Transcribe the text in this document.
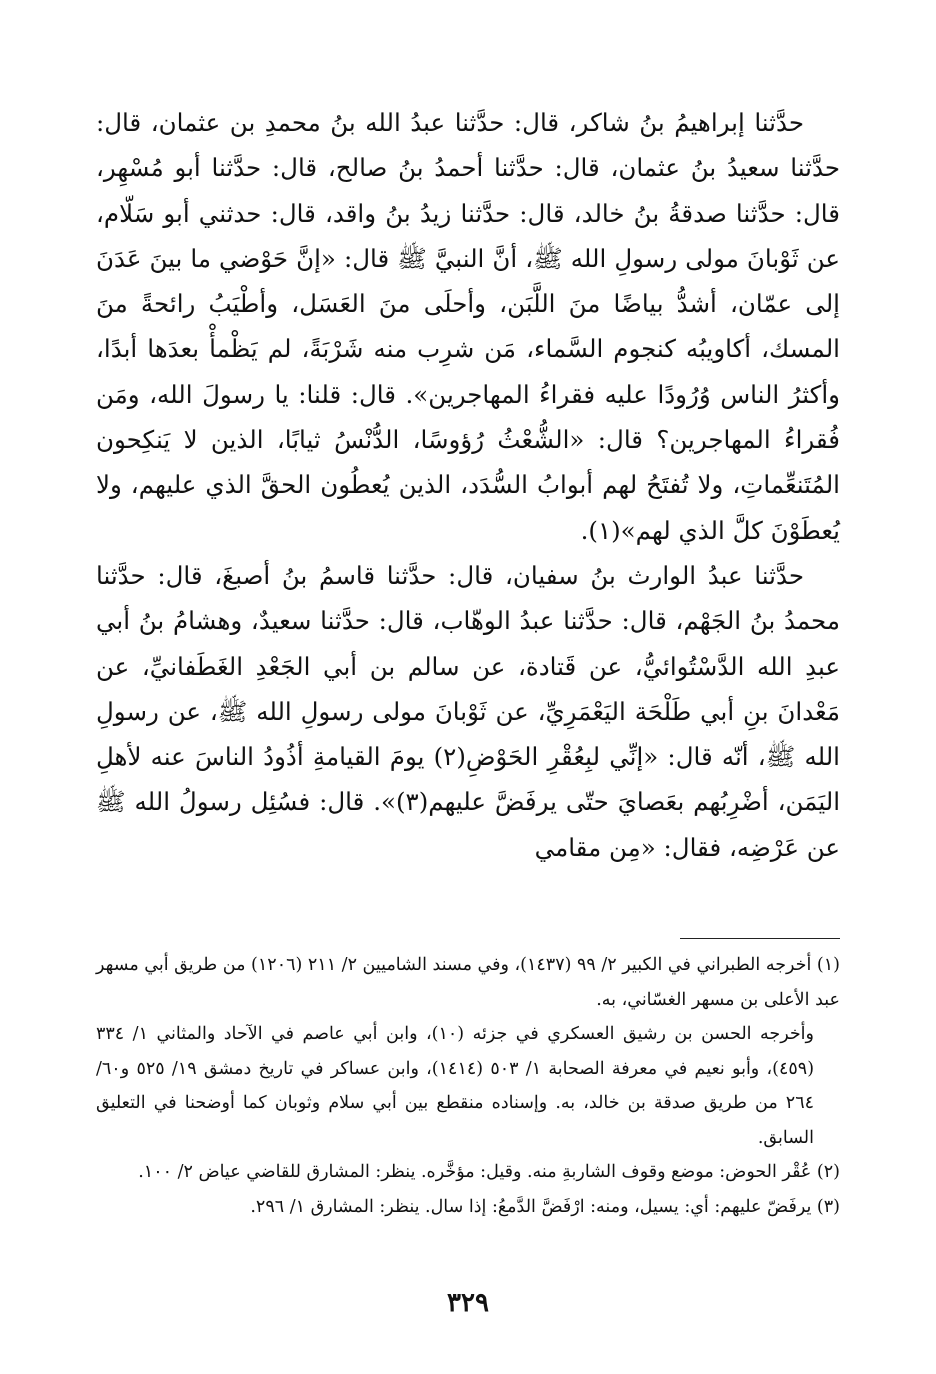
حدَّثنا إبراهيمُ بنُ شاكر، قال: حدَّثنا عبدُ الله بنُ محمدِ بن عثمان، قال: حدَّثنا سعيدُ بنُ عثمان، قال: حدَّثنا أحمدُ بنُ صالح، قال: حدَّثنا أبو مُسْهِر، قال: حدَّثنا صدقةُ بنُ خالد، قال: حدَّثنا زيدُ بنُ واقد، قال: حدثني أبو سَلّام، عن ثَوْبانَ مولى رسولِ الله ﷺ، أنَّ النبيَّ ﷺ قال: «إنَّ حَوْضي ما بينَ عَدَنَ إلى عمّان، أشدُّ بياضًا منَ اللَّبَن، وأحلَى منَ العَسَل، وأطْيَبُ رائحةً منَ المسك، أكاويبُه كنجوم السَّماء، مَن شرِب منه شَرْبَةً، لم يَظْمأْ بعدَها أبدًا، وأكثرُ الناس وُرُودًا عليه فقراءُ المهاجرين». قال: قلنا: يا رسولَ الله، ومَن فُقراءُ المهاجرين؟ قال: «الشُّعْثُ رُؤوسًا، الدُّنْسُ ثيابًا، الذين لا يَنكِحون المُتَنعِّماتِ، ولا تُفتَحُ لهم أبوابُ السُّدَد، الذين يُعطُون الحقَّ الذي عليهم، ولا يُعطَوْنَ كلَّ الذي لهم»(١).

حدَّثنا عبدُ الوارث بنُ سفيان، قال: حدَّثنا قاسمُ بنُ أصبغَ، قال: حدَّثنا محمدُ بنُ الجَهْم، قال: حدَّثنا عبدُ الوهّاب، قال: حدَّثنا سعيدٌ، وهشامُ بنُ أبي عبدِ الله الدَّسْتُوائيُّ، عن قَتادة، عن سالم بن أبي الجَعْدِ الغَطَفانيِّ، عن مَعْدانَ بنِ أبي طَلْحَة اليَعْمَرِيِّ، عن ثَوْبانَ مولى رسولِ الله ﷺ، عن رسولِ الله ﷺ، أنّه قال: «إنِّي لبِعُقْرِ الحَوْضِ(٢) يومَ القيامةِ أذُودُ الناسَ عنه لأهلِ اليَمَن، أضْرِبُهم بعَصايَ حتّى يرفَضَّ عليهم(٣)». قال: فسُئِل رسولُ الله ﷺ عن عَرْضِه، فقال: «مِن مقامي

(١) أخرجه الطبراني في الكبير ٢/ ٩٩ (١٤٣٧)، وفي مسند الشاميين ٢/ ٢١١ (١٢٠٦) من طريق أبي مسهر عبد الأعلى بن مسهر الغسّاني، به.

وأخرجه الحسن بن رشيق العسكري في جزئه (١٠)، وابن أبي عاصم في الآحاد والمثاني ١/ ٣٣٤ (٤٥٩)، وأبو نعيم في معرفة الصحابة ١/ ٥٠٣ (١٤١٤)، وابن عساكر في تاريخ دمشق ١٩/ ٥٢٥ و٦٠/ ٢٦٤ من طريق صدقة بن خالد، به. وإسناده منقطع بين أبي سلام وثوبان كما أوضحنا في التعليق السابق.

(٢) عُقْر الحوض: موضع وقوف الشاربةِ منه. وقيل: مؤخَّره. ينظر: المشارق للقاضي عياض ٢/ ١٠٠.

(٣) يرفَضّ عليهم: أي: يسيل، ومنه: ارْفَضَّ الدَّمعُ: إذا سال. ينظر: المشارق ١/ ٢٩٦.

٣٢٩
